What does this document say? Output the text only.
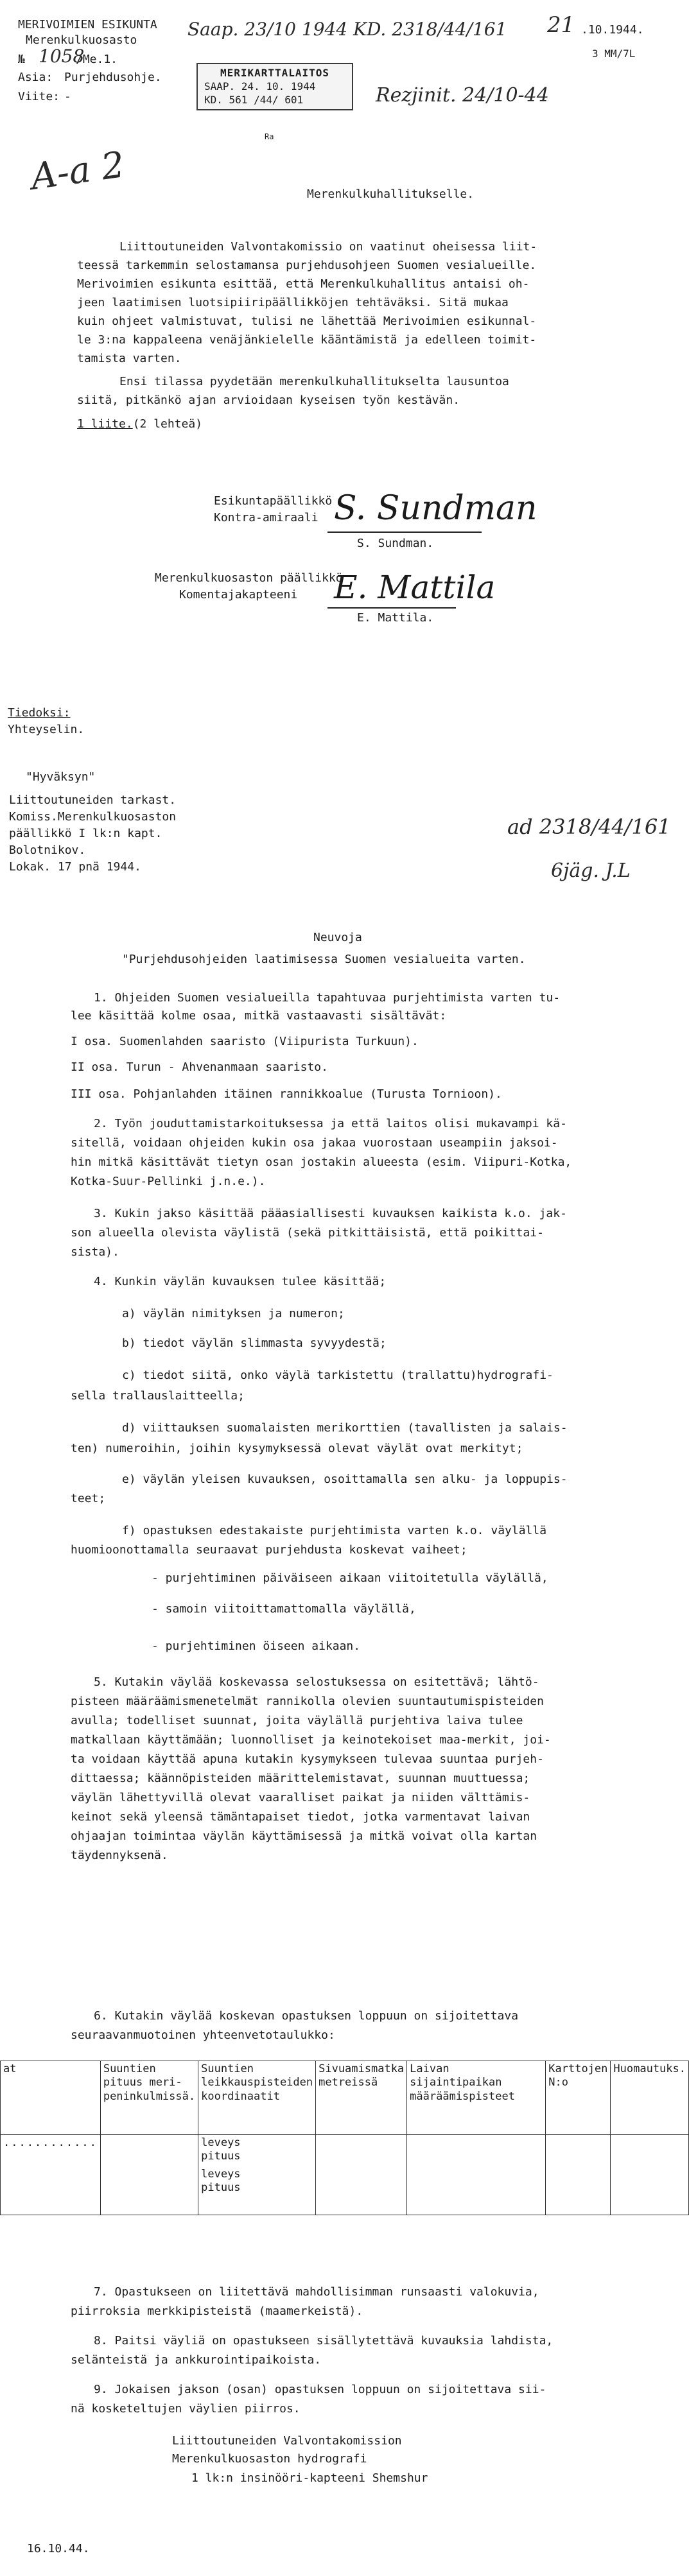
MERIVOIMIEN ESIKUNTA
Merenkulkuosasto
№ 1058
/Me.1.
Asia: Purjehdusohje.
Viite: -
Saap. 23/10 1944 KD. 2318/44/161 21 .10.1944.
3 MM/7L
MERIKARTTALAITOS
SAAP. 24. 10. 1944
KD. 561 /44/ 601	Rezjinit. 24/10-44
A-a 2
Ra
Merenkulkuhallitukselle.
Liittoutuneiden Valvontakomissio on vaatinut oheisessa liit-
teessä tarkemmin selostamansa purjehdusohjeen Suomen vesialueille.
Merivoimien esikunta esittää, että Merenkulkuhallitus antaisi oh-
jeen laatimisen luotsipiiripäällikköjen tehtäväksi. Sitä mukaa
kuin ohjeet valmistuvat, tulisi ne lähettää Merivoimien esikunnal-
le 3:na kappaleena venäjänkielelle kääntämistä ja edelleen toimit-
tamista varten.
Ensi tilassa pyydetään merenkulkuhallitukselta lausuntoa
siitä, pitkänkö ajan arvioidaan kyseisen työn kestävän.
1 liite.(2 lehteä)
Esikuntapäällikkö
Kontra-amiraali S. Sundman
S. Sundman.
Merenkulkuosaston päällikkö
Komentajakapteeni E. Mattila
E. Mattila.
Tiedoksi:
Yhteyselin.
"Hyväksyn"
Liittoutuneiden tarkast.
Komiss.Merenkulkuosaston
päällikkö I lk:n kapt.
Bolotnikov.
Lokak. 17 pnä 1944.
ad 2318/44/161
6jäg. J.L
Neuvoja
"Purjehdusohjeiden laatimisessa Suomen vesialueita varten.
1. Ohjeiden Suomen vesialueilla tapahtuvaa purjehtimista varten tu-
lee käsittää kolme osaa, mitkä vastaavasti sisältävät:
I osa. Suomenlahden saaristo (Viipurista Turkuun).
II osa. Turun - Ahvenanmaan saaristo.
III osa. Pohjanlahden itäinen rannikkoalue (Turusta Tornioon).
2. Työn jouduttamistarkoituksessa ja että laitos olisi mukavampi kä-
sitellä, voidaan ohjeiden kukin osa jakaa vuorostaan useampiin jaksoi-
hin mitkä käsittävät tietyn osan jostakin alueesta (esim. Viipuri-Kotka,
Kotka-Suur-Pellinki j.n.e.).
3. Kukin jakso käsittää pääasiallisesti kuvauksen kaikista k.o. jak-
son alueella olevista väylistä (sekä pitkittäisistä, että poikittai-
sista).
4. Kunkin väylän kuvauksen tulee käsittää;
a) väylän nimityksen ja numeron;
b) tiedot väylän slimmasta syvyydestä;
c) tiedot siitä, onko väylä tarkistettu (trallattu)hydrografi-
sella trallauslaitteella;
d) viittauksen suomalaisten merikorttien (tavallisten ja salais-
ten) numeroihin, joihin kysymyksessä olevat väylät ovat merkityt;
e) väylän yleisen kuvauksen, osoittamalla sen alku- ja loppupis-
teet;
f) opastuksen edestakaiste purjehtimista varten k.o. väylällä
huomioonottamalla seuraavat purjehdusta koskevat vaiheet;
- purjehtiminen päiväiseen aikaan viitoitetulla väylällä,
- samoin viitoittamattomalla väylällä,
- purjehtiminen öiseen aikaan.
5. Kutakin väylää koskevassa selostuksessa on esitettävä; lähtö-
pisteen määräämismenetelmät rannikolla olevien suuntautumispisteiden
avulla; todelliset suunnat, joita väylällä purjehtiva laiva tulee
matkallaan käyttämään; luonnolliset ja keinotekoiset maa-merkit, joi-
ta voidaan käyttää apuna kutakin kysymykseen tulevaa suuntaa purjeh-
dittaessa; käännöpisteiden määrittelemistavat, suunnan muuttuessa;
väylän lähettyvillä olevat vaaralliset paikat ja niiden välttämis-
keinot sekä yleensä tämäntapaiset tiedot, jotka varmentavat laivan
ohjaajan toimintaa väylän käyttämisessä ja mitkä voivat olla kartan
täydennyksenä.
6. Kutakin väylää koskevan opastuksen loppuun on sijoitettava
seuraavanmuotoinen yhteenvetotaulukko:
at	Suuntien pituus meri-peninkulmissä.	Suuntien leikkauspisteiden koordinaatit	Sivuamismatka metreissä	Laivan sijaintipaikan määräämispisteet	Karttojen N:o	Huomautuks.
............		leveys
pituus
leveys
pituus				

7. Opastukseen on liitettävä mahdollisimman runsaasti valokuvia,
piirroksia merkkipisteistä (maamerkeistä).
8. Paitsi väyliä on opastukseen sisällytettävä kuvauksia lahdista,
selänteistä ja ankkurointipaikoista.
9. Jokaisen jakson (osan) opastuksen loppuun on sijoitettava sii-
nä kosketeltujen väylien piirros.
Liittoutuneiden Valvontakomission
Merenkulkuosaston hydrografi
1 lk:n insinööri-kapteeni Shemshur
16.10.44.
